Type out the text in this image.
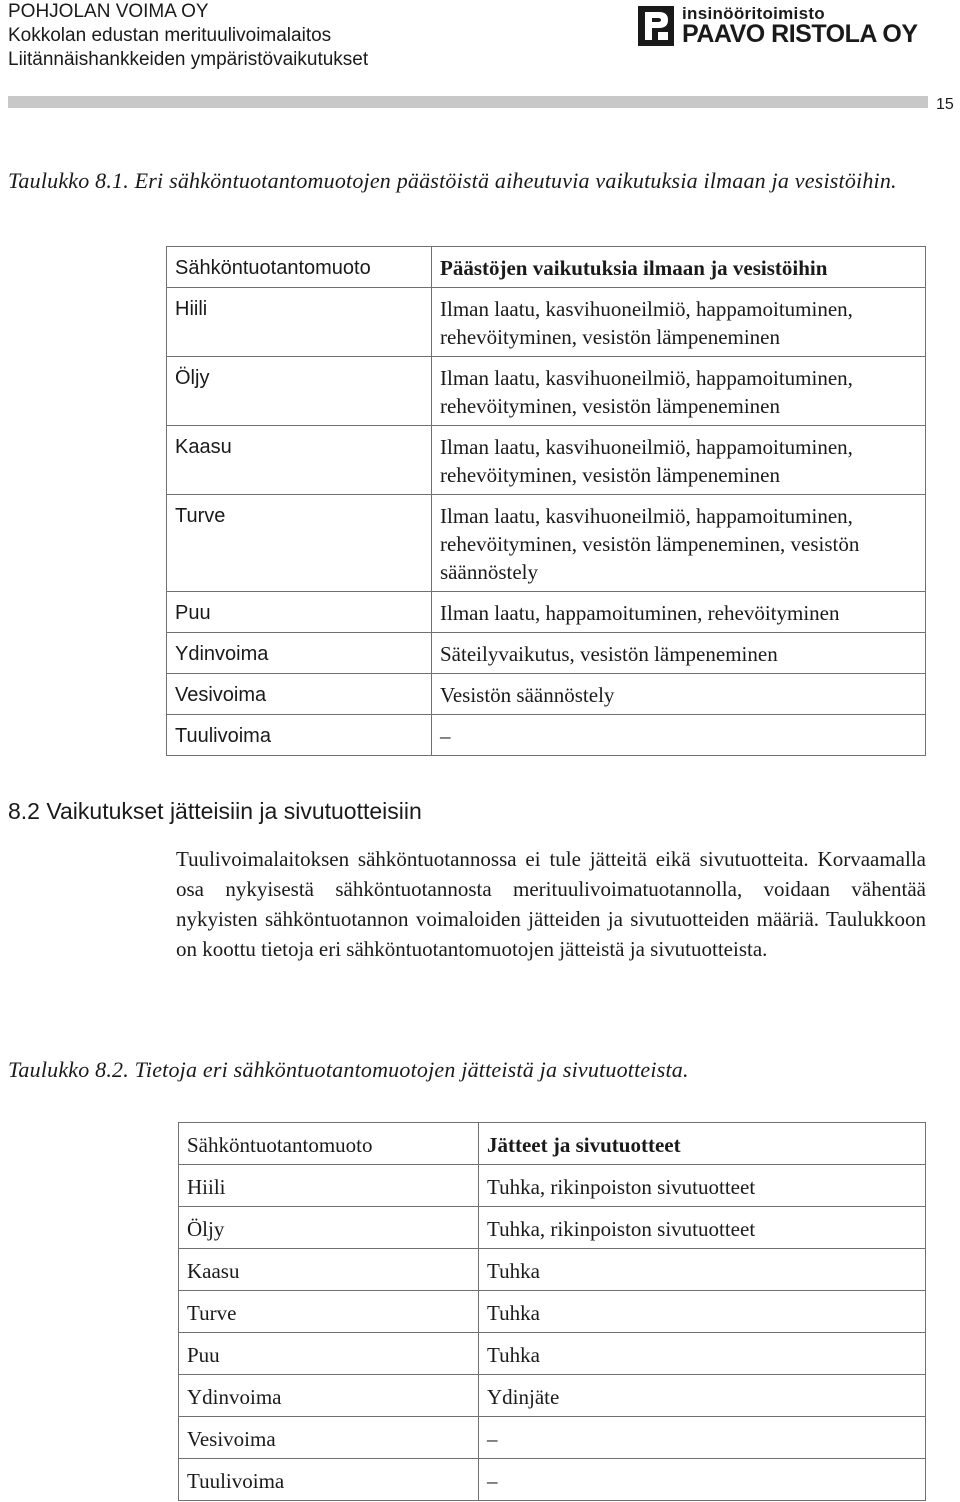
POHJOLAN VOIMA OY
Kokkolan edustan merituulivoimalaitos
Liitännäishankkeiden ympäristövaikutukset
insinööritoimisto
PAAVO RISTOLA OY
15
Taulukko 8.1. Eri sähköntuotantomuotojen päästöistä aiheutuvia vaikutuksia ilmaan ja vesistöihin.
Sähköntuotantomuoto	Päästöjen vaikutuksia ilmaan ja vesistöihin
Hiili	Ilman laatu, kasvihuoneilmiö, happamoituminen, rehevöityminen, vesistön lämpeneminen
Öljy	Ilman laatu, kasvihuoneilmiö, happamoituminen, rehevöityminen, vesistön lämpeneminen
Kaasu	Ilman laatu, kasvihuoneilmiö, happamoituminen, rehevöityminen, vesistön lämpeneminen
Turve	Ilman laatu, kasvihuoneilmiö, happamoituminen, rehevöityminen, vesistön lämpeneminen, vesistön säännöstely
Puu	Ilman laatu, happamoituminen, rehevöityminen
Ydinvoima	Säteilyvaikutus, vesistön lämpeneminen
Vesivoima	Vesistön säännöstely
Tuulivoima	–
8.2 Vaikutukset jätteisiin ja sivutuotteisiin
Tuulivoimalaitoksen sähköntuotannossa ei tule jätteitä eikä sivutuotteita. Korvaamalla osa nykyisestä sähköntuotannosta merituulivoimatuotannolla, voidaan vähentää nykyisten sähköntuotannon voimaloiden jätteiden ja sivutuotteiden määriä. Taulukkoon on koottu tietoja eri sähköntuotantomuotojen jätteistä ja sivutuotteista.
Taulukko 8.2. Tietoja eri sähköntuotantomuotojen jätteistä ja sivutuotteista.
Sähköntuotantomuoto	Jätteet ja sivutuotteet
Hiili	Tuhka, rikinpoiston sivutuotteet
Öljy	Tuhka, rikinpoiston sivutuotteet
Kaasu	Tuhka
Turve	Tuhka
Puu	Tuhka
Ydinvoima	Ydinjäte
Vesivoima	–
Tuulivoima	–
